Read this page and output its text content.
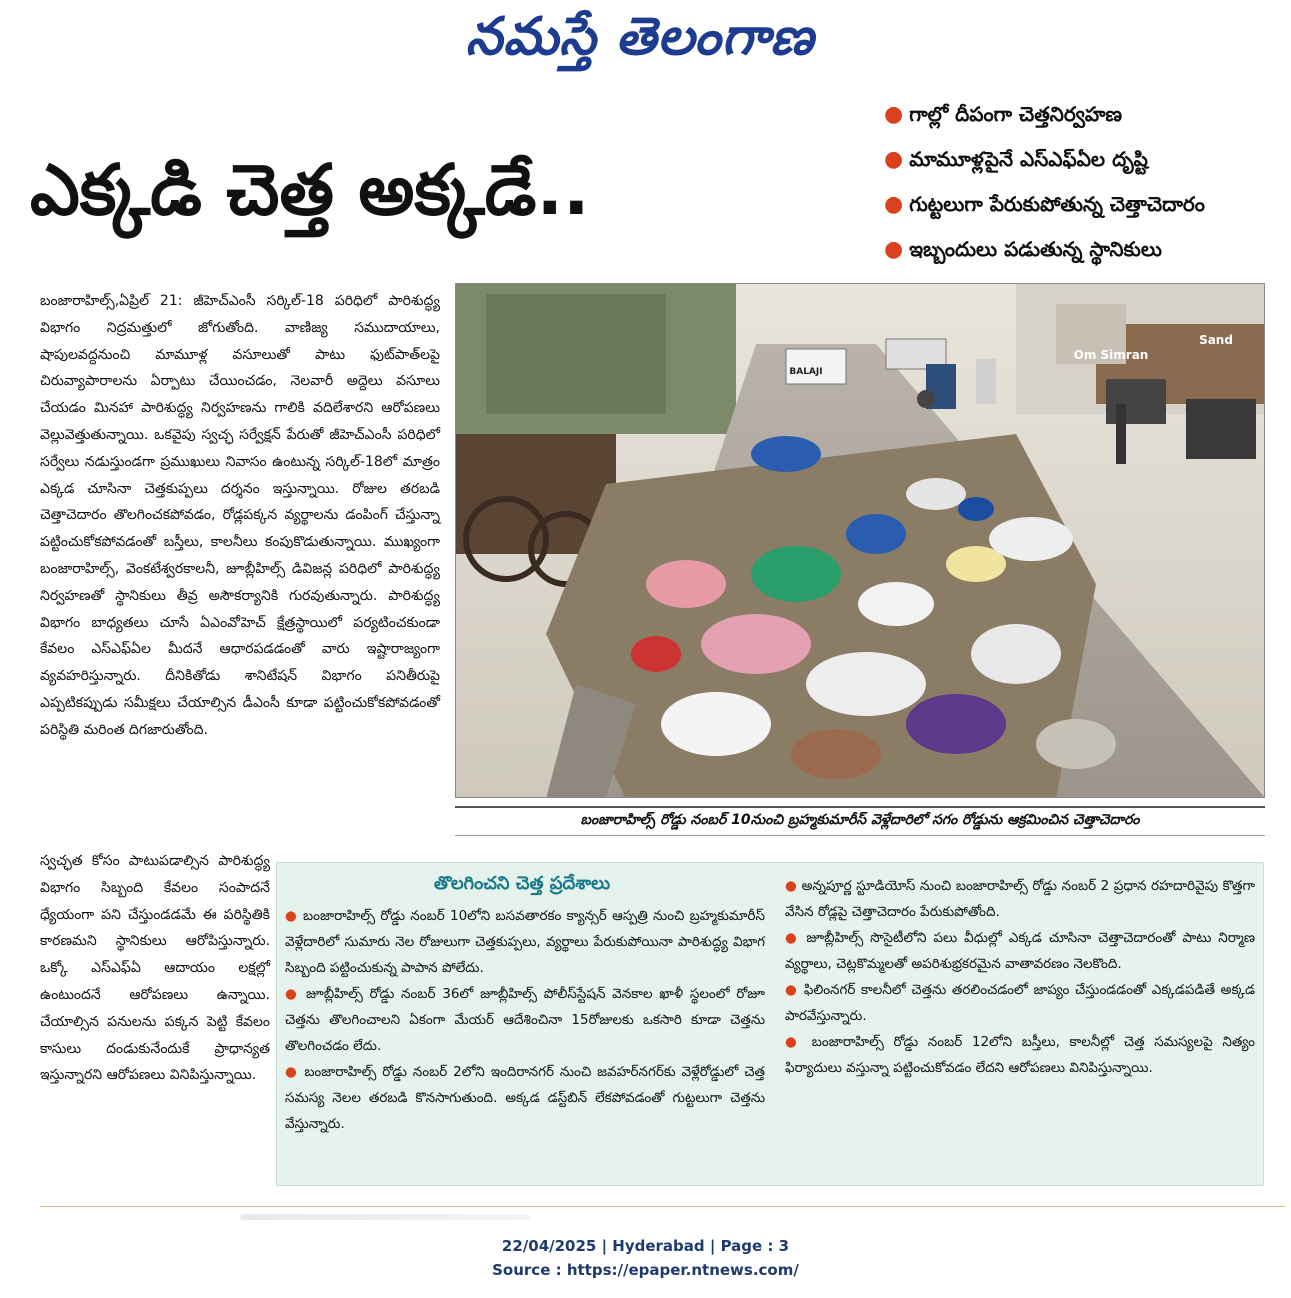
నమస్తే తెలంగాణ
ఎక్కడి చెత్త అక్కడే..
● గాల్లో దీపంగా చెత్తనిర్వహణ
● మామూళ్లపైనే ఎస్‌ఎఫ్‌ఏల దృష్టి
● గుట్టలుగా పేరుకుపోతున్న చెత్తాచెదారం
● ఇబ్బందులు పడుతున్న స్థానికులు
బంజారాహిల్స్,ఏప్రిల్ 21: జీహెచ్‌ఎంసీ సర్కిల్-18 పరిధిలో పారిశుద్ధ్య విభాగం నిద్రమత్తులో జోగుతోంది. వాణిజ్య సముదాయాలు, షాపులవద్దనుంచి మామూళ్ల వసూలుతో పాటు ఫుట్‌పాత్‌లపై చిరువ్యాపారాలను ఏర్పాటు చేయించడం, నెలవారీ అద్దెలు వసూలు చేయడం మినహా పారిశుద్ధ్య నిర్వహణను గాలికి వదిలేశారని ఆరోపణలు వెల్లువెత్తుతున్నాయి. ఒకవైపు స్వచ్ఛ సర్వేక్షన్ పేరుతో జీహెచ్‌ఎంసీ పరిధిలో సర్వేలు నడుస్తుండగా ప్రముఖులు నివాసం ఉంటున్న సర్కిల్-18లో మాత్రం ఎక్కడ చూసినా చెత్తకుప్పలు దర్శనం ఇస్తున్నాయి. రోజుల తరబడి చెత్తాచెదారం తొలగించకపోవడం, రోడ్లపక్కన వ్యర్థాలను డంపింగ్ చేస్తున్నా పట్టించుకోకపోవడంతో బస్తీలు, కాలనీలు కంపుకొడుతున్నాయి. ముఖ్యంగా బంజారాహిల్స్, వెంకటేశ్వరకాలనీ, జూబ్లీహిల్స్ డివిజన్ల పరిధిలో పారిశుద్ధ్య నిర్వహణతో స్థానికులు తీవ్ర అసౌకర్యానికి గురవుతున్నారు. పారిశుద్ధ్య విభాగం బాధ్యతలు చూసే ఏఎంవోహెచ్ క్షేత్రస్థాయిలో పర్యటించకుండా కేవలం ఎస్‌ఎఫ్‌ఏల మీదనే ఆధారపడడంతో వారు ఇష్టారాజ్యంగా వ్యవహరిస్తున్నారు. దీనికితోడు శానిటేషన్ విభాగం పనితీరుపై ఎప్పటికప్పుడు సమీక్షలు చేయాల్సిన డీఎంసీ కూడా పట్టించుకోకపోవడంతో పరిస్థితి మరింత దిగజారుతోంది.
స్వచ్ఛత కోసం పాటుపడాల్సిన పారిశుద్ధ్య విభాగం సిబ్బంది కేవలం సంపాదనే ధ్యేయంగా పని చేస్తుండడమే ఈ పరిస్థితికి కారణమని స్థానికులు ఆరోపిస్తున్నారు. ఒక్కో ఎస్‌ఎఫ్‌ఏ ఆదాయం లక్షల్లో ఉంటుందనే ఆరోపణలు ఉన్నాయి. చేయాల్సిన పనులను పక్కన పెట్టి కేవలం కాసులు దండుకునేందుకే ప్రాధాన్యత ఇస్తున్నారని ఆరోపణలు వినిపిస్తున్నాయి.
Om Simran
Sand
BALAJI
బంజారాహిల్స్ రోడ్డు నంబర్ 10నుంచి బ్రహ్మకుమారీస్ వెళ్లేదారిలో సగం రోడ్డును ఆక్రమించిన చెత్తాచెదారం
తొలగించని చెత్త ప్రదేశాలు
● బంజారాహిల్స్ రోడ్డు నంబర్ 10లోని బసవతారకం క్యాన్సర్ ఆస్పత్రి నుంచి బ్రహ్మకుమారీస్ వెళ్లేదారిలో సుమారు నెల రోజులుగా చెత్తకుప్పలు, వ్యర్థాలు పేరుకుపోయినా పారిశుద్ధ్య విభాగ సిబ్బంది పట్టించుకున్న పాపాన పోలేదు.
● జూబ్లీహిల్స్ రోడ్డు నంబర్ 36లో జూబ్లీహిల్స్ పోలీస్‌స్టేషన్ వెనకాల ఖాళీ స్థలంలో రోజూ చెత్తను తొలగించాలని ఏకంగా మేయర్ ఆదేశించినా 15రోజులకు ఒకసారి కూడా చెత్తను తొలగించడం లేదు.
● బంజారాహిల్స్ రోడ్డు నంబర్ 2లోని ఇందిరానగర్ నుంచి జవహర్‌నగర్‌కు వెళ్లేరోడ్డులో చెత్త సమస్య నెలల తరబడి కొనసాగుతుంది. అక్కడ డస్ట్‌బిన్ లేకపోవడంతో గుట్టలుగా చెత్తను వేస్తున్నారు.
● అన్నపూర్ణ స్టూడియోస్ నుంచి బంజారాహిల్స్ రోడ్డు నంబర్ 2 ప్రధాన రహదారివైపు కొత్తగా వేసిన రోడ్లపై చెత్తాచెదారం పేరుకుపోతోంది.
● జూబ్లీహిల్స్ సొసైటీలోని పలు వీధుల్లో ఎక్కడ చూసినా చెత్తాచెదారంతో పాటు నిర్మాణ వ్యర్థాలు, చెట్లకొమ్మలతో అపరిశుభ్రకరమైన వాతావరణం నెలకొంది.
● ఫిలింనగర్ కాలనీలో చెత్తను తరలించడంలో జాప్యం చేస్తుండడంతో ఎక్కడపడితే అక్కడ పారవేస్తున్నారు.
● బంజారాహిల్స్ రోడ్డు నంబర్ 12లోని బస్తీలు, కాలనీల్లో చెత్త సమస్యలపై నిత్యం ఫిర్యాదులు వస్తున్నా పట్టించుకోవడం లేదని ఆరోపణలు వినిపిస్తున్నాయి.
22/04/2025 | Hyderabad | Page : 3
Source : https://epaper.ntnews.com/
